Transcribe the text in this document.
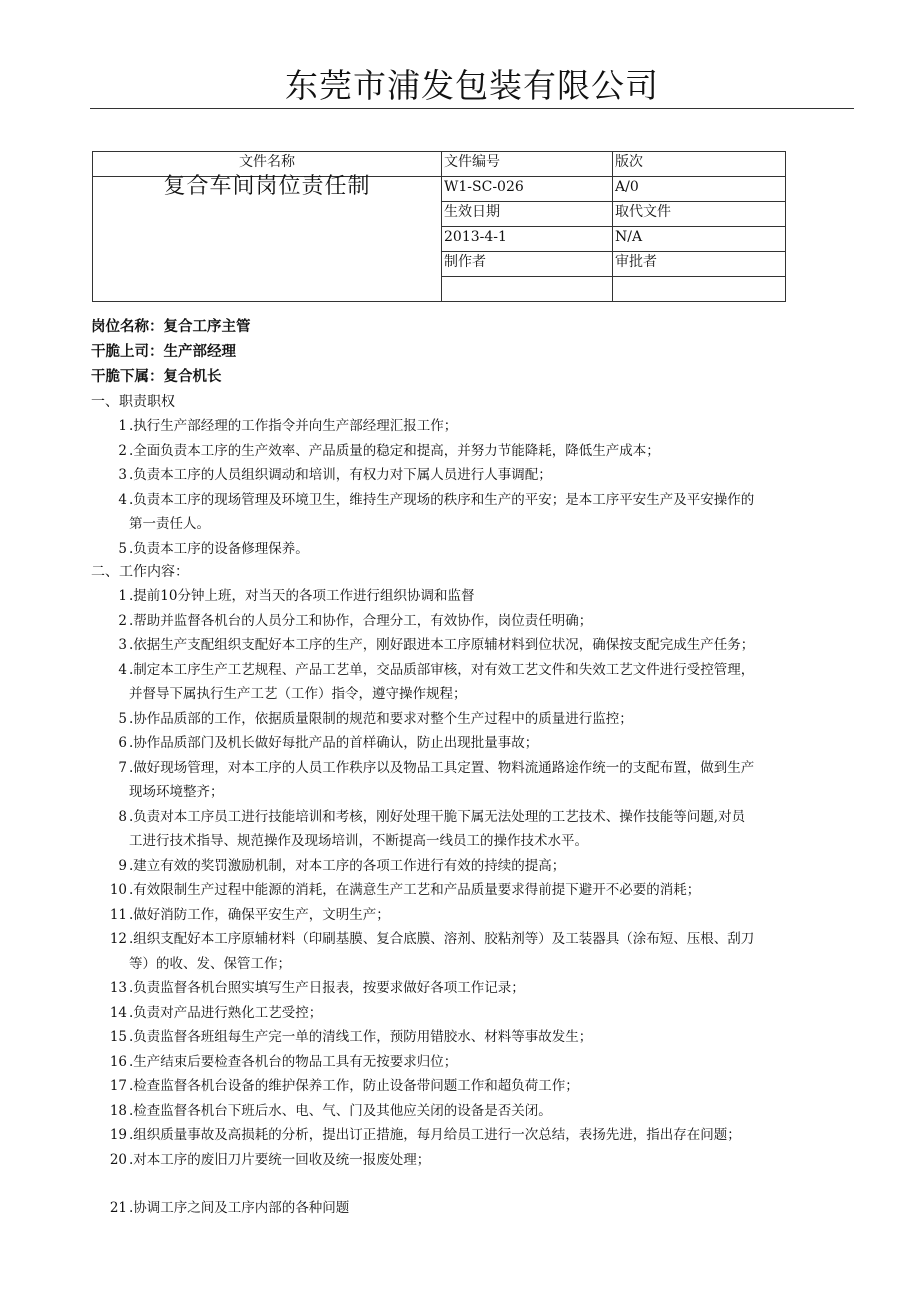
东莞市浦发包装有限公司
文件名称	文件编号	版次
复合车间岗位责任制	W1-SC-026	A/0
	生效日期	取代文件
	2013-4-1	N/A
	制作者	审批者

岗位名称：复合工序主管
干脆上司：生产部经理
干脆下属：复合机长
一、职责职权
1 .执行生产部经理的工作指令并向生产部经理汇报工作；
2 .全面负责本工序的生产效率、产品质量的稳定和提高，并努力节能降耗，降低生产成本；
3 .负责本工序的人员组织调动和培训，有权力对下属人员进行人事调配；
4 .负责本工序的现场管理及环境卫生，维持生产现场的秩序和生产的平安；是本工序平安生产及平安操作的
第一责任人。
5 .负责本工序的设备修理保养。
二、工作内容：
1 .提前10分钟上班，对当天的各项工作进行组织协调和监督
2 .帮助并监督各机台的人员分工和协作，合理分工，有效协作，岗位责任明确；
3 .依据生产支配组织支配好本工序的生产，刚好跟进本工序原辅材料到位状况，确保按支配完成生产任务；
4 .制定本工序生产工艺规程、产品工艺单，交品质部审核，对有效工艺文件和失效工艺文件进行受控管理，
并督导下属执行生产工艺（工作）指令，遵守操作规程；
5 .协作品质部的工作，依据质量限制的规范和要求对整个生产过程中的质量进行监控；
6 .协作品质部门及机长做好每批产品的首样确认，防止出现批量事故；
7 .做好现场管理，对本工序的人员工作秩序以及物品工具定置、物料流通路途作统一的支配布置，做到生产
现场环境整齐；
8 .负责对本工序员工进行技能培训和考核，刚好处理干脆下属无法处理的工艺技术、操作技能等问题,对员
工进行技术指导、规范操作及现场培训，不断提高一线员工的操作技术水平。
9 .建立有效的奖罚激励机制，对本工序的各项工作进行有效的持续的提高；
10 .有效限制生产过程中能源的消耗，在满意生产工艺和产品质量要求得前提下避开不必要的消耗；
11 .做好消防工作，确保平安生产，文明生产；
12 .组织支配好本工序原辅材料（印刷基膜、复合底膜、溶剂、胶粘剂等）及工装器具（涂布短、压根、刮刀
等）的收、发、保管工作；
13 .负责监督各机台照实填写生产日报表，按要求做好各项工作记录；
14 .负责对产品进行熟化工艺受控；
15 .负责监督各班组每生产完一单的清线工作，预防用错胶水、材料等事故发生；
16 .生产结束后要检查各机台的物品工具有无按要求归位；
17 .检查监督各机台设备的维护保养工作，防止设备带问题工作和超负荷工作；
18 .检查监督各机台下班后水、电、气、门及其他应关闭的设备是否关闭。
19 .组织质量事故及高损耗的分析，提出订正措施，每月给员工进行一次总结，表扬先进，指出存在问题；
20 .对本工序的废旧刀片要统一回收及统一报废处理；
21 .协调工序之间及工序内部的各种问题
